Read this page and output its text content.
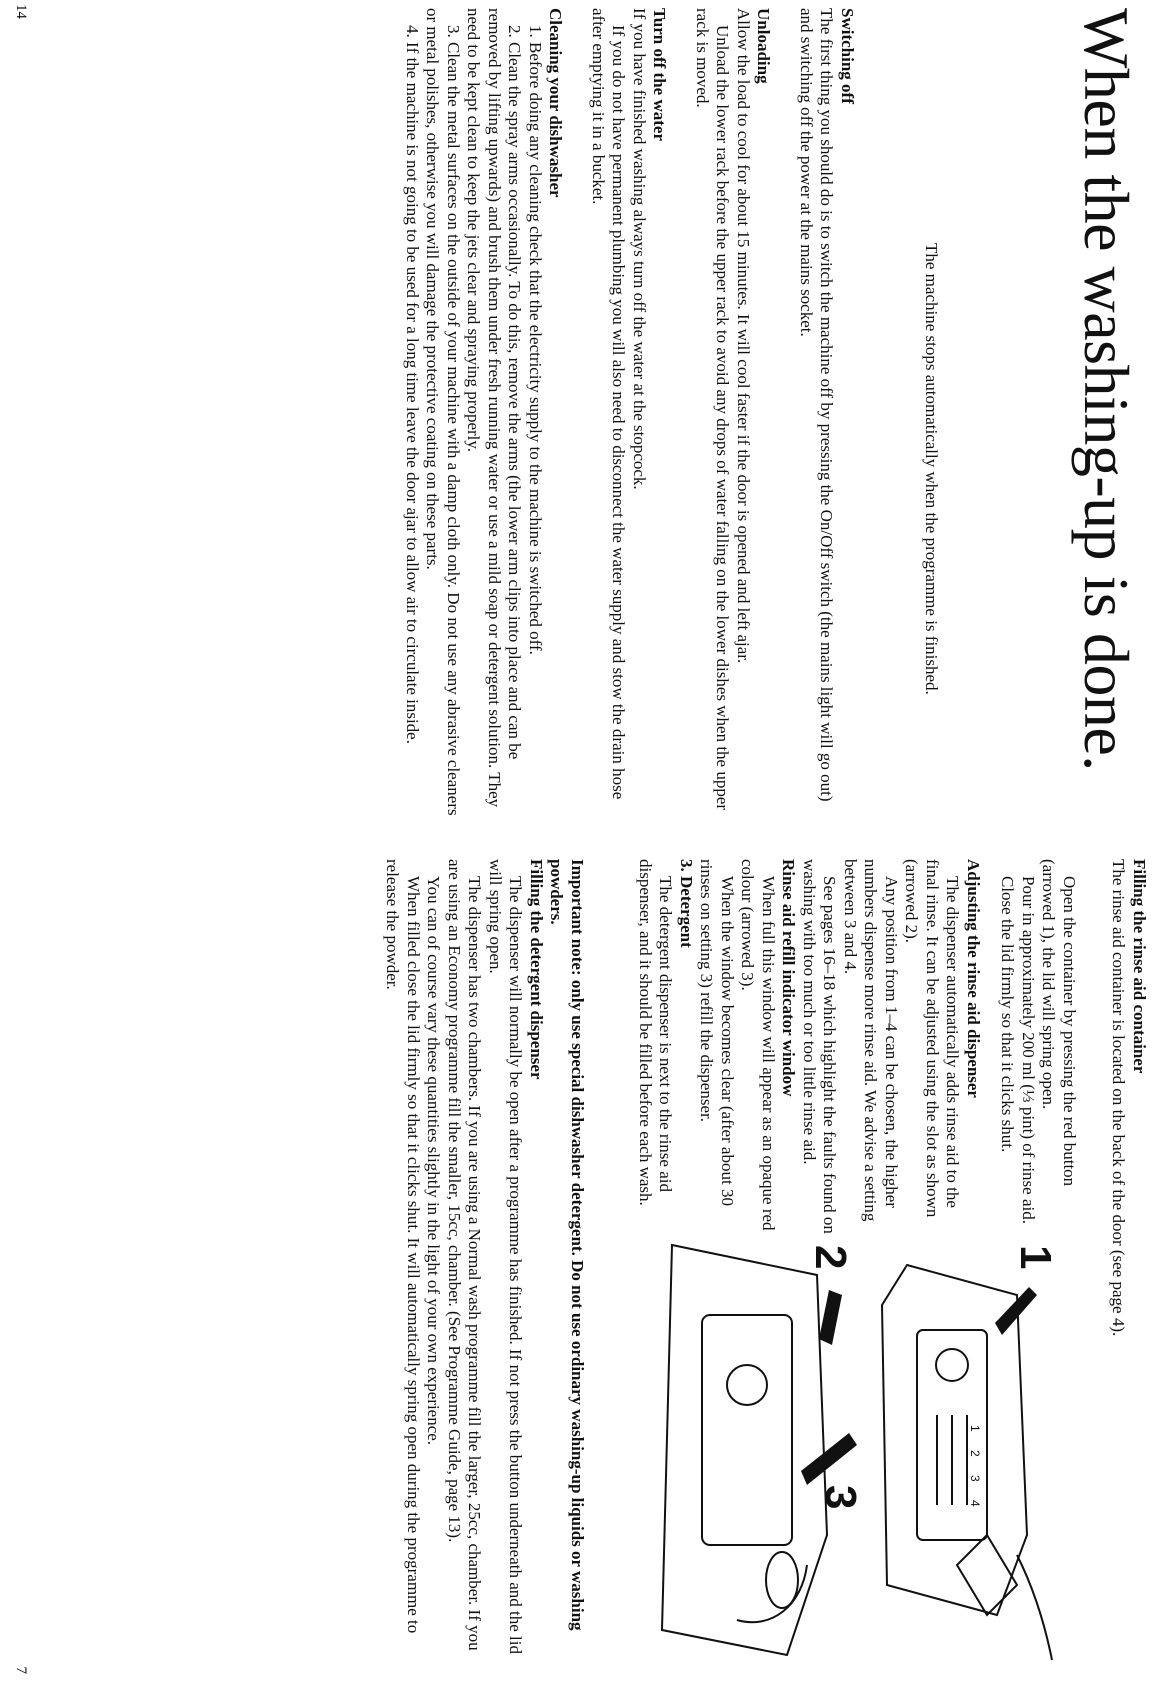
When the washing-up is done.

The machine stops automatically when the programme is finished.

Switching off

The first thing you should do is to switch the machine off by pressing the On/Off switch (the mains light will go out) and switching off the power at the mains socket.

Unloading

Allow the load to cool for about 15 minutes. It will cool faster if the door is opened and left ajar.

Unload the lower rack before the upper rack to avoid any drops of water falling on the lower dishes when the upper rack is moved.

Turn off the water

If you have finished washing always turn off the water at the stopcock.

If you do not have permanent plumbing you will also need to disconnect the water supply and stow the drain hose after emptying it in a bucket.

Cleaning your dishwasher

1. Before doing any cleaning check that the electricity supply to the machine is switched off.

2. Clean the spray arms occasionally. To do this, remove the arms (the lower arm clips into place and can be removed by lifting upwards) and brush them under fresh running water or use a mild soap or detergent solution. They need to be kept clean to keep the jets clear and spraying properly.

3. Clean the metal surfaces on the outside of your machine with a damp cloth only. Do not use any abrasive cleaners or metal polishes, otherwise you will damage the protective coating on these parts.

4. If the machine is not going to be used for a long time leave the door ajar to allow air to circulate inside.

14
Filling the rinse aid container

The rinse aid container is located on the back of the door (see page 4).

Open the container by pressing the red button (arrowed 1), the lid will spring open.

Pour in approximately 200 ml (⅓ pint) of rinse aid.

Close the lid firmly so that it clicks shut.

Adjusting the rinse aid dispenser

The dispenser automatically adds rinse aid to the final rinse. It can be adjusted using the slot as shown (arrowed 2).

Any position from 1–4 can be chosen, the higher numbers dispense more rinse aid. We advise a setting between 3 and 4.

See pages 16–18 which highlight the faults found on washing with too much or too little rinse aid.

Rinse aid refill indicator window

When full this window will appear as an opaque red colour (arrowed 3).

When the window becomes clear (after about 30 rinses on setting 3) refill the dispenser.

3. Detergent

The detergent dispenser is next to the rinse aid dispenser, and it should be filled before each wash.

1
2
3
4
1
2
3

Important note: only use special dishwasher detergent. Do not use ordinary washing-up liquids or washing powders.

Filling the detergent dispenser

The dispenser will normally be open after a programme has finished. If not press the button underneath and the lid will spring open.

The dispenser has two chambers. If you are using a Normal wash programme fill the larger, 25cc, chamber. If you are using an Economy programme fill the smaller, 15cc, chamber. (See Programme Guide, page 13).

You can of course vary these quantities slightly in the light of your own experience.

When filled close the lid firmly so that it clicks shut. It will automatically spring open during the programme to release the powder.

7
